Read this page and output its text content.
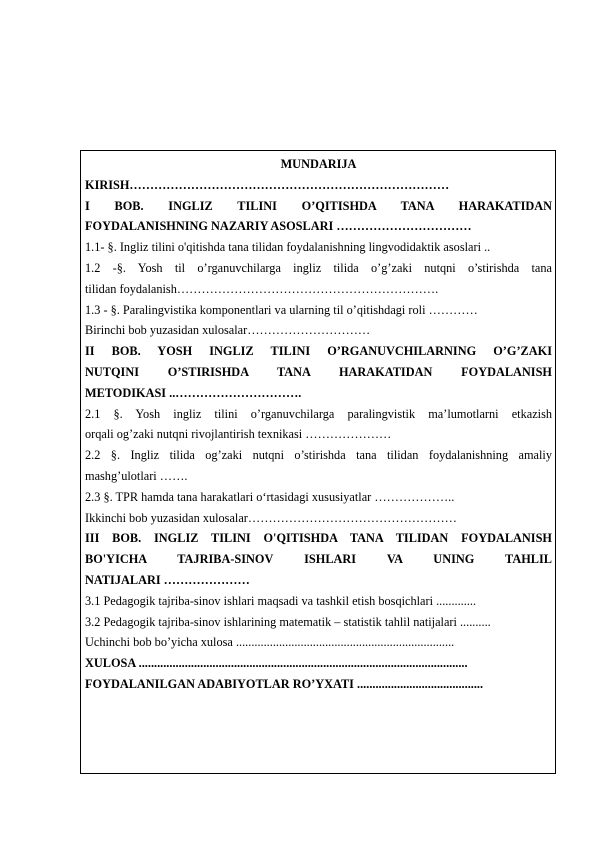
MUNDARIJA
KIRISH……………………………………………………………………
I BOB. INGLIZ TILINI O’QITISHDA TANA HARAKATIDAN
FOYDALANISHNING NAZARIY ASOSLARI ……………………………
1.1- §. Ingliz tilini o'qitishda tana tilidan foydalanishning lingvodidaktik asoslari ..
1.2 -§. Yosh til o’rganuvchilarga ingliz tilida o’g’zaki nutqni o’stirishda tana
tilidan foydalanish……………………………………………………….
1.3 - §. Paralingvistika komponentlari va ularning til o’qitishdagi roli …………
Birinchi bob yuzasidan xulosalar…………………………
II BOB. YOSH INGLIZ TILINI O’RGANUVCHILARNING O’G’ZAKI
NUTQINI O’STIRISHDA TANA HARAKATIDAN FOYDALANISH
METODIKASI ..………………………….
2.1 §. Yosh ingliz tilini o’rganuvchilarga paralingvistik ma’lumotlarni etkazish
orqali og’zaki nutqni rivojlantirish texnikasi …………………
2.2 §. Ingliz tilida og’zaki nutqni o’stirishda tana tilidan foydalanishning amaliy
mashg’ulotlari …….
2.3 §. TPR hamda tana harakatlari o‘rtasidagi xususiyatlar ………………..
Ikkinchi bob yuzasidan xulosalar……………………………………………
III BOB. INGLIZ TILINI O'QITISHDA TANA TILIDAN FOYDALANISH
BO'YICHA TAJRIBA-SINOV ISHLARI VA UNING TAHLIL
NATIJALARI …………………
3.1 Pedagogik tajriba-sinov ishlari maqsadi va tashkil etish bosqichlari .............
3.2 Pedagogik tajriba-sinov ishlarining matematik – statistik tahlil natijalari ..........
Uchinchi bob bo’yicha xulosa .......................................................................
XULOSA ...........................................................................................................
FOYDALANILGAN ADABIYOTLAR RO’YXATI .........................................
